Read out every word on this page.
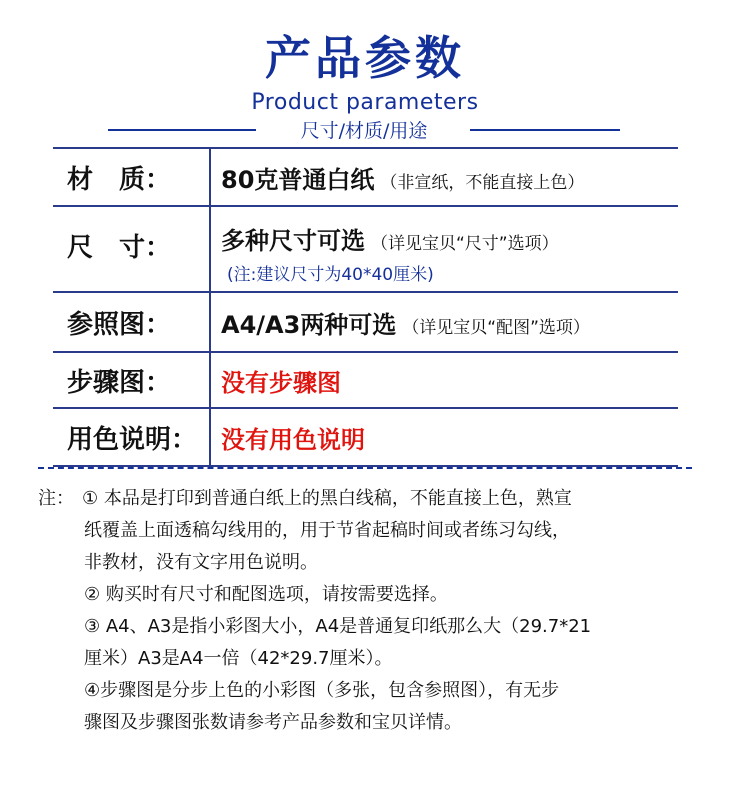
产品参数
Product parameters
尺寸/材质/用途
材　质：	80克普通白纸 （非宣纸，不能直接上色）
尺　寸：	多种尺寸可选 （详见宝贝“尺寸”选项）
(注:建议尺寸为40*40厘米)
参照图：	A4/A3两种可选 （详见宝贝“配图”选项）
步骤图：	没有步骤图
用色说明： 没有用色说明
注： ① 本品是打印到普通白纸上的黑白线稿，不能直接上色，熟宣
纸覆盖上面透稿勾线用的，用于节省起稿时间或者练习勾线，
非教材，没有文字用色说明。
② 购买时有尺寸和配图选项，请按需要选择。
③ A4、A3是指小彩图大小，A4是普通复印纸那么大（29.7*21
厘米）A3是A4一倍（42*29.7厘米）。
④步骤图是分步上色的小彩图（多张，包含参照图），有无步
骤图及步骤图张数请参考产品参数和宝贝详情。
